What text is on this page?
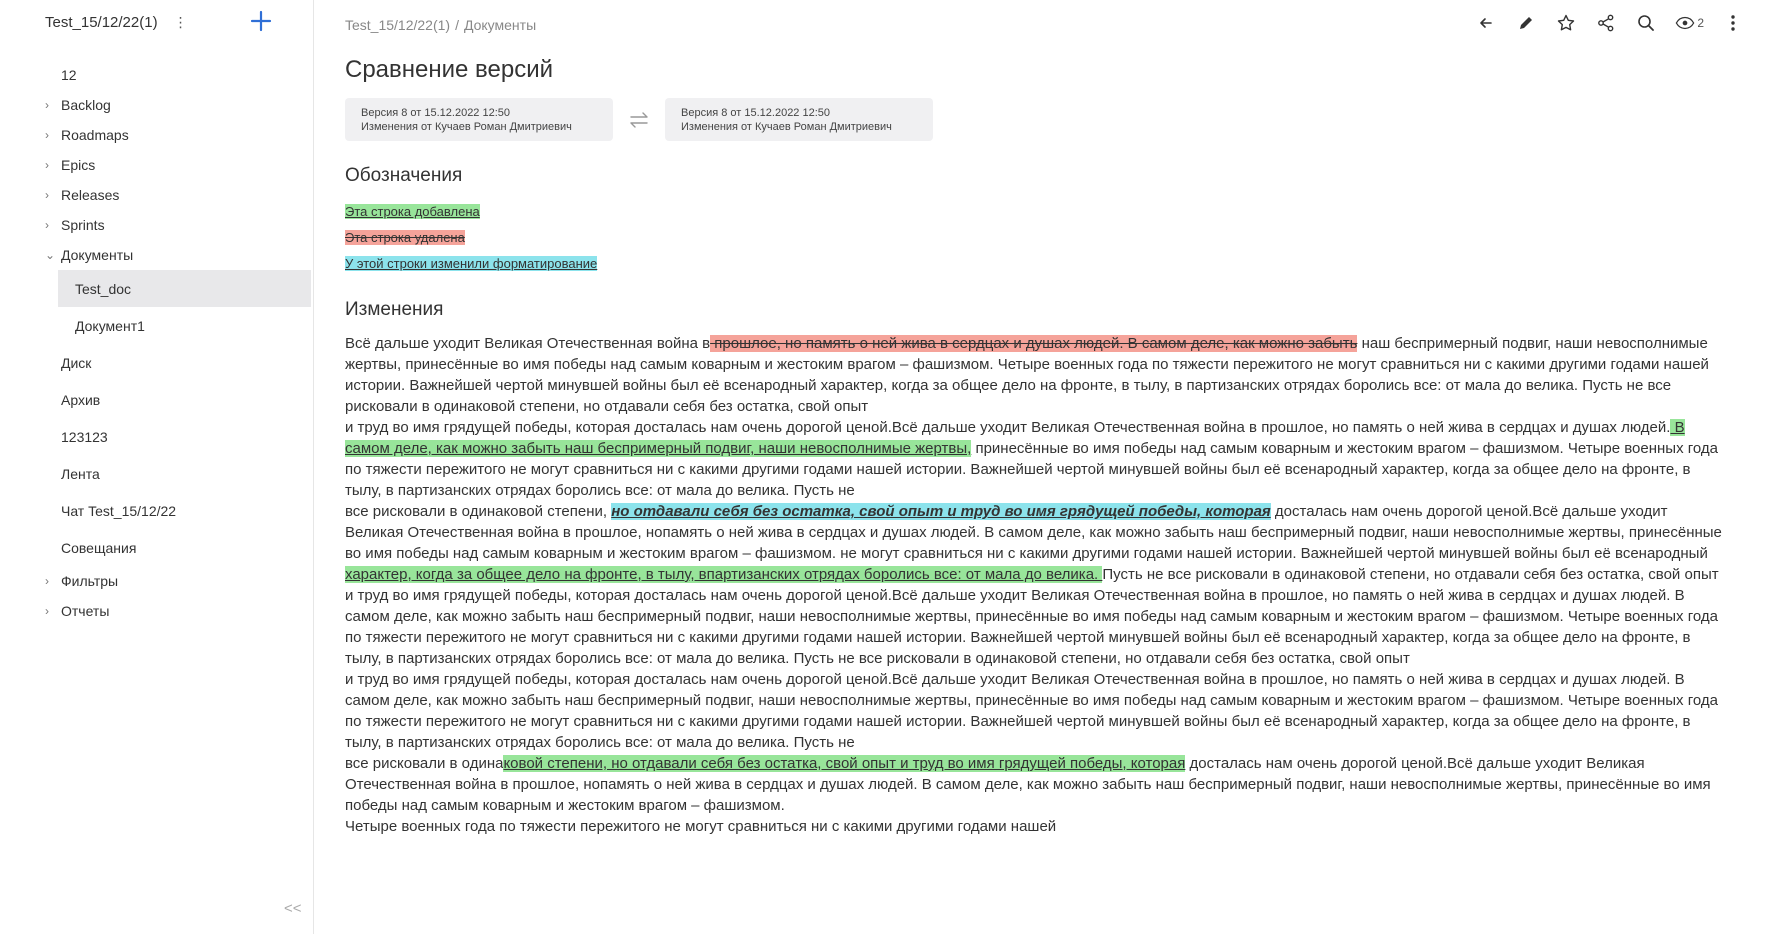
Test_15/12/22(1) ⋮
12
› Backlog
› Roadmaps
› Epics
› Releases
› Sprints
⌄ Документы
Test_doc
Документ1
Диск
Архив
123123
Лента
Чат Test_15/12/22
Совещания
› Фильтры
› Отчеты
<<
Test_15/12/22(1) / Документы	2
Сравнение версий
Версия 8 от 15.12.2022 12:50
Изменения от Кучаев Роман Дмитриевич
Версия 8 от 15.12.2022 12:50
Изменения от Кучаев Роман Дмитриевич
Обозначения
Эта строка добавлена
Эта строка удалена
У этой строки изменили форматирование
Изменения

Всё дальше уходит Великая Отечественная война в прошлое, но память о ней жива в сердцах и душах людей. В самом деле, как можно забыть наш беспримерный подвиг, наши невосполнимые жертвы, принесённые во имя победы над самым коварным и жестоким врагом – фашизмом. Четыре военных года по тяжести пережитого не могут сравниться ни с какими другими годами нашей истории. Важнейшей чертой минувшей войны был её всенародный характер, когда за общее дело на фронте, в тылу, в партизанских отрядах боролись все: от мала до велика. Пусть не все рисковали в одинаковой степени, но отдавали себя без остатка, свой опыт

и труд во имя грядущей победы, которая досталась нам очень дорогой ценой.Всё дальше уходит Великая Отечественная война в прошлое, но память о ней жива в сердцах и душах людей. В самом деле, как можно забыть наш беспримерный подвиг, наши невосполнимые жертвы, принесённые во имя победы над самым коварным и жестоким врагом – фашизмом. Четыре военных года по тяжести пережитого не могут сравниться ни с какими другими годами нашей истории. Важнейшей чертой минувшей войны был её всенародный характер, когда за общее дело на фронте, в тылу, в партизанских отрядах боролись все: от мала до велика. Пусть не

все рисковали в одинаковой степени, но отдавали себя без остатка, свой опыт и труд во имя грядущей победы, которая досталась нам очень дорогой ценой.Всё дальше уходит Великая Отечественная война в прошлое, нопамять о ней жива в сердцах и душах людей. В самом деле, как можно забыть наш беспримерный подвиг, наши невосполнимые жертвы, принесённые во имя победы над самым коварным и жестоким врагом – фашизмом. не могут сравниться ни с какими другими годами нашей истории. Важнейшей чертой минувшей войны был её всенародный характер, когда за общее дело на фронте, в тылу, впартизанских отрядах боролись все: от мала до велика. Пусть не все рисковали в одинаковой степени, но отдавали себя без остатка, свой опыт и труд во имя грядущей победы, которая досталась нам очень дорогой ценой.Всё дальше уходит Великая Отечественная война в прошлое, но память о ней жива в сердцах и душах людей. В самом деле, как можно забыть наш беспримерный подвиг, наши невосполнимые жертвы, принесённые во имя победы над самым коварным и жестоким врагом – фашизмом. Четыре военных года по тяжести пережитого не могут сравниться ни с какими другими годами нашей истории. Важнейшей чертой минувшей войны был её всенародный характер, когда за общее дело на фронте, в тылу, в партизанских отрядах боролись все: от мала до велика. Пусть не все рисковали в одинаковой степени, но отдавали себя без остатка, свой опыт

и труд во имя грядущей победы, которая досталась нам очень дорогой ценой.Всё дальше уходит Великая Отечественная война в прошлое, но память о ней жива в сердцах и душах людей. В самом деле, как можно забыть наш беспримерный подвиг, наши невосполнимые жертвы, принесённые во имя победы над самым коварным и жестоким врагом – фашизмом. Четыре военных года по тяжести пережитого не могут сравниться ни с какими другими годами нашей истории. Важнейшей чертой минувшей войны был её всенародный характер, когда за общее дело на фронте, в тылу, в партизанских отрядах боролись все: от мала до велика. Пусть не

все рисковали в одинаковой степени, но отдавали себя без остатка, свой опыт и труд во имя грядущей победы, которая досталась нам очень дорогой ценой.Всё дальше уходит Великая Отечественная война в прошлое, нопамять о ней жива в сердцах и душах людей. В самом деле, как можно забыть наш беспримерный подвиг, наши невосполнимые жертвы, принесённые во имя победы над самым коварным и жестоким врагом – фашизмом.

Четыре военных года по тяжести пережитого не могут сравниться ни с какими другими годами нашей
